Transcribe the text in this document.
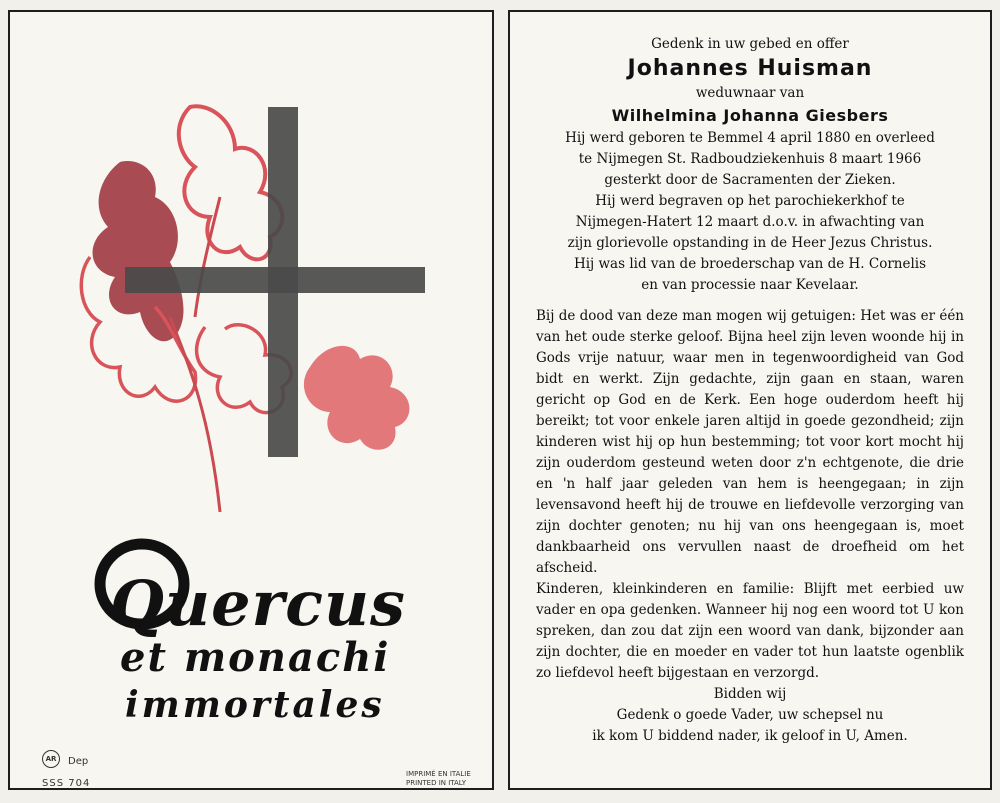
Quercus
et monachi
immortales
AR	Dep
SSS 704
IMPRIMÉ EN ITALIE
PRINTED IN ITALY
Gedenk in uw gebed en offer
Johannes Huisman
weduwnaar van
Wilhelmina Johanna Giesbers
Hij werd geboren te Bemmel 4 april 1880 en overleed
te Nijmegen St. Radboudziekenhuis 8 maart 1966
gesterkt door de Sacramenten der Zieken.
Hij werd begraven op het parochiekerkhof te
Nijmegen-Hatert 12 maart d.o.v. in afwachting van
zijn glorievolle opstanding in de Heer Jezus Christus.
Hij was lid van de broederschap van de H. Cornelis
en van processie naar Kevelaar.

Bij de dood van deze man mogen wij getuigen: Het was er één van het oude sterke geloof. Bijna heel zijn leven woonde hij in Gods vrije natuur, waar men in tegenwoordigheid van God bidt en werkt. Zijn gedachte, zijn gaan en staan, waren gericht op God en de Kerk. Een hoge ouderdom heeft hij bereikt; tot voor enkele jaren altijd in goede gezondheid; zijn kinderen wist hij op hun bestemming; tot voor kort mocht hij zijn ouderdom gesteund weten door z'n echtgenote, die drie en 'n half jaar geleden van hem is heengegaan; in zijn levensavond heeft hij de trouwe en liefdevolle verzorging van zijn dochter genoten; nu hij van ons heengegaan is, moet dankbaarheid ons vervullen naast de droefheid om het afscheid.

Kinderen, kleinkinderen en familie: Blijft met eerbied uw vader en opa gedenken. Wanneer hij nog een woord tot U kon spreken, dan zou dat zijn een woord van dank, bijzonder aan zijn dochter, die en moeder en vader tot hun laatste ogenblik zo liefdevol heeft bijgestaan en verzorgd.

Bidden wij
Gedenk o goede Vader, uw schepsel nu
ik kom U biddend nader, ik geloof in U, Amen.
